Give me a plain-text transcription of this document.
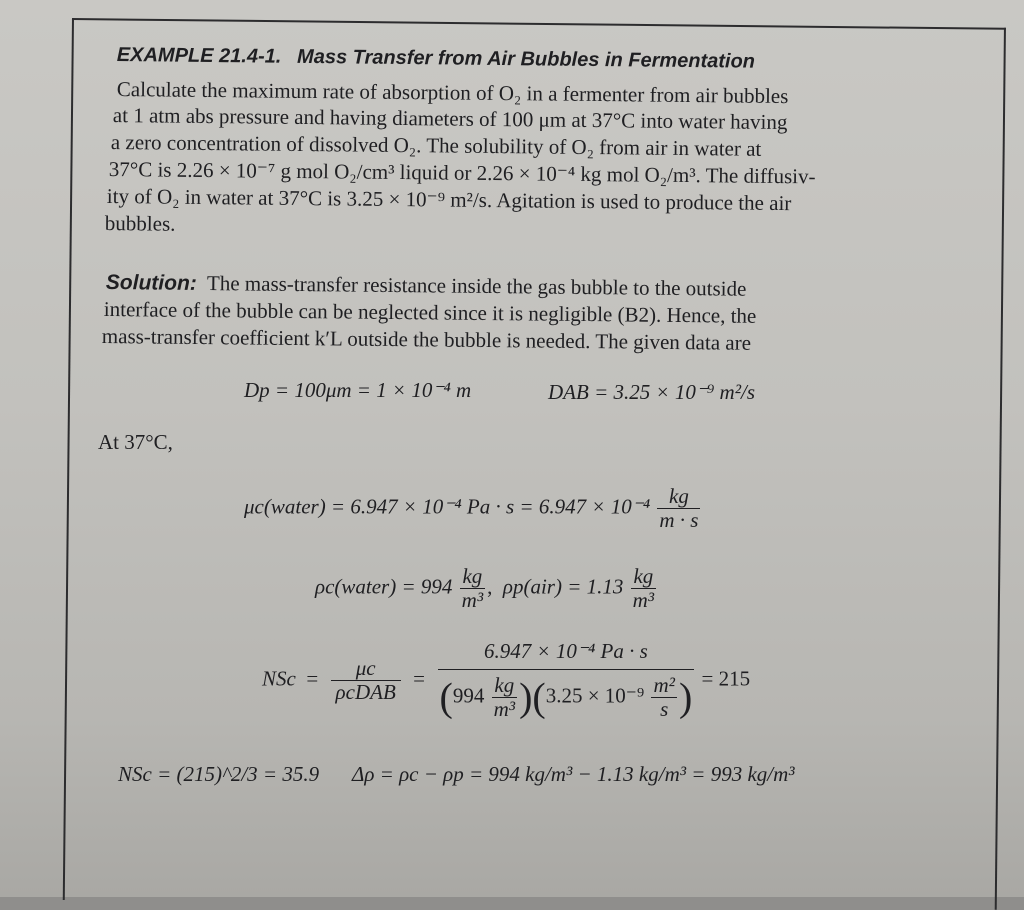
EXAMPLE 21.4-1. Mass Transfer from Air Bubbles in Fermentation
Calculate the maximum rate of absorption of O₂ in a fermenter from air bubbles
at 1 atm abs pressure and having diameters of 100 μm at 37°C into water having
a zero concentration of dissolved O₂. The solubility of O₂ from air in water at
37°C is 2.26 × 10⁻⁷ g mol O₂/cm³ liquid or 2.26 × 10⁻⁴ kg mol O₂/m³. The diffusiv-
ity of O₂ in water at 37°C is 3.25 × 10⁻⁹ m²/s. Agitation is used to produce the air
bubbles.
Solution: The mass-transfer resistance inside the gas bubble to the outside
interface of the bubble can be neglected since it is negligible (B2). Hence, the
mass-transfer coefficient k′L outside the bubble is needed. The given data are
Dp = 100μm = 1 × 10⁻⁴ m	DAB = 3.25 × 10⁻⁹ m²/s
At 37°C,
μc(water) = 6.947 × 10⁻⁴ $Pa \cdot s = 6.947 \times 10^{-4} \frac{kg}{m \cdot s}$
ρc(water) = $994 \frac{kg}{\text{m³}}$ ,  $\rho p(air) = 1.13 \frac{kg}{\text{m³}}$
NSc  = $\frac{\mu c}{\text{ρcDAB}} = \frac{\text{6.947 × 10⁻⁴ Pa · s}}{(994 \frac{kg}{\text{m³}} )(3.25 \times 10^{-9} \frac{\text{m²}}{s} )} = 215$
NSc = (215)^2/3 = 35.9 Δρ = ρc − ρp = 994 kg/m³ − 1.13 kg/m³ = 993 kg/m³
